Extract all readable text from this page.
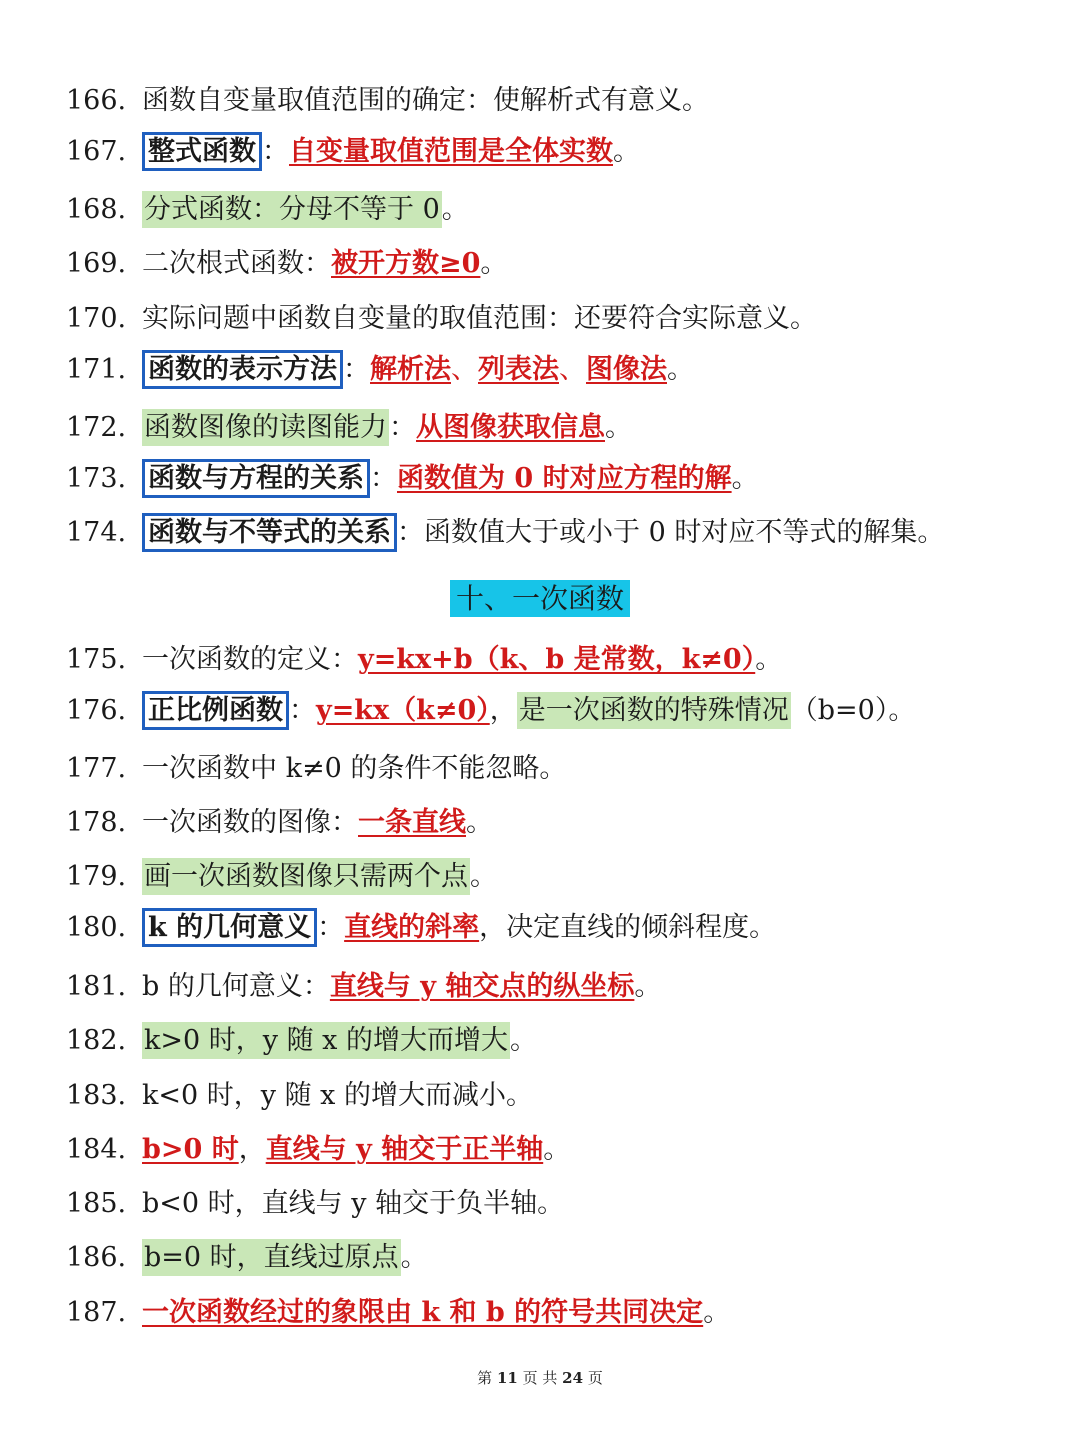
166. 函数自变量取值范围的确定：使解析式有意义。
167. 整式函数 ：自变量取值范围是全体实数。
168. 分式函数：分母不等于 0。
169. 二次根式函数：被开方数≥0。
170. 实际问题中函数自变量的取值范围：还要符合实际意义。
171. 函数的表示方法 ：解析法、列表法、图像法。
172. 函数图像的读图能力：从图像获取信息。
173. 函数与方程的关系 ：函数值为 0 时对应方程的解。
174. 函数与不等式的关系 ：函数值大于或小于 0 时对应不等式的解集。
175. 一次函数的定义：y=kx+b（k、b 是常数，k≠0）。
176. 正比例函数 ：y=kx（k≠0），是一次函数的特殊情况（b=0）。
177. 一次函数中 k≠0 的条件不能忽略。
178. 一次函数的图像：一条直线。
179. 画一次函数图像只需两个点。
180. k 的几何意义 ：直线的斜率，决定直线的倾斜程度。
181. b 的几何意义：直线与 y 轴交点的纵坐标。
182. k>0 时，y 随 x 的增大而增大。
183. k<0 时，y 随 x 的增大而减小。
184. b>0 时，直线与 y 轴交于正半轴。
185. b<0 时，直线与 y 轴交于负半轴。
186. b=0 时，直线过原点。
187. 一次函数经过的象限由 k 和 b 的符号共同决定。
十、一次函数
第 11 页 共 24 页
